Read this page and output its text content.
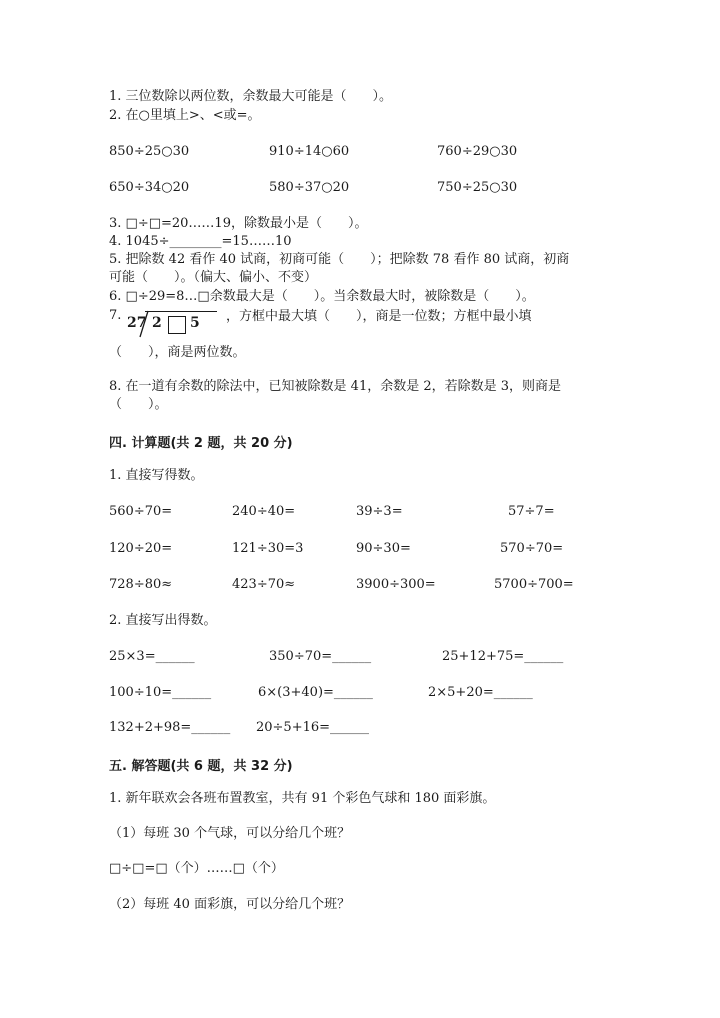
1. 三位数除以两位数，余数最大可能是（　　）。
2. 在○里填上>、<或=。
850÷25○30	910÷14○60	760÷29○30
650÷34○20	580÷37○20	750÷25○30
3. □÷□=20……19，除数最小是（　　）。
4. 1045÷________=15……10
5. 把除数 42 看作 40 试商，初商可能（　　）；把除数 78 看作 80 试商，初商
可能（　　）。（偏大、偏小、不变）
6. □÷29=8…□余数最大是（　　）。当余数最大时，被除数是（　　）。
7. 27 2 5 ，方框中最大填（　　），商是一位数；方框中最小填
（　　），商是两位数。
8. 在一道有余数的除法中，已知被除数是 41，余数是 2，若除数是 3，则商是
（　　）。
四. 计算题(共 2 题，共 20 分)
1. 直接写得数。
560÷70=	240÷40=	39÷3=	57÷7=
120÷20=	121÷30=3	90÷30=	570÷70=
728÷80≈	423÷70≈	3900÷300=	5700÷700=
2. 直接写出得数。
25×3=______	350÷70=______	25+12+75=______
100÷10=______	6×(3+40)=______	2×5+20=______
132+2+98=______ 20÷5+16=______
五. 解答题(共 6 题，共 32 分)
1. 新年联欢会各班布置教室，共有 91 个彩色气球和 180 面彩旗。
（1）每班 30 个气球，可以分给几个班？
□÷□=□（个）……□（个）
（2）每班 40 面彩旗，可以分给几个班？
